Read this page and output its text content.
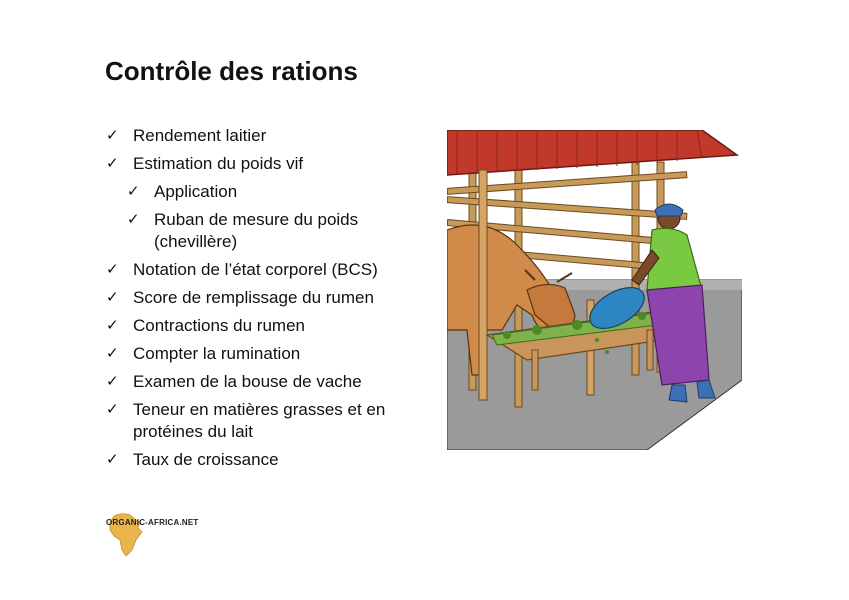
Contrôle des rations
✓ Rendement laitier
✓ Estimation du poids vif
✓ Application
✓ Ruban de mesure du poids (chevillère)
✓ Notation de l’état corporel (BCS)
✓ Score de remplissage du rumen
✓ Contractions du rumen
✓ Compter la rumination
✓ Examen de la bouse de vache
✓ Teneur en matières grasses et en protéines du lait
✓ Taux de croissance
ORGANIC-AFRICA.NET
